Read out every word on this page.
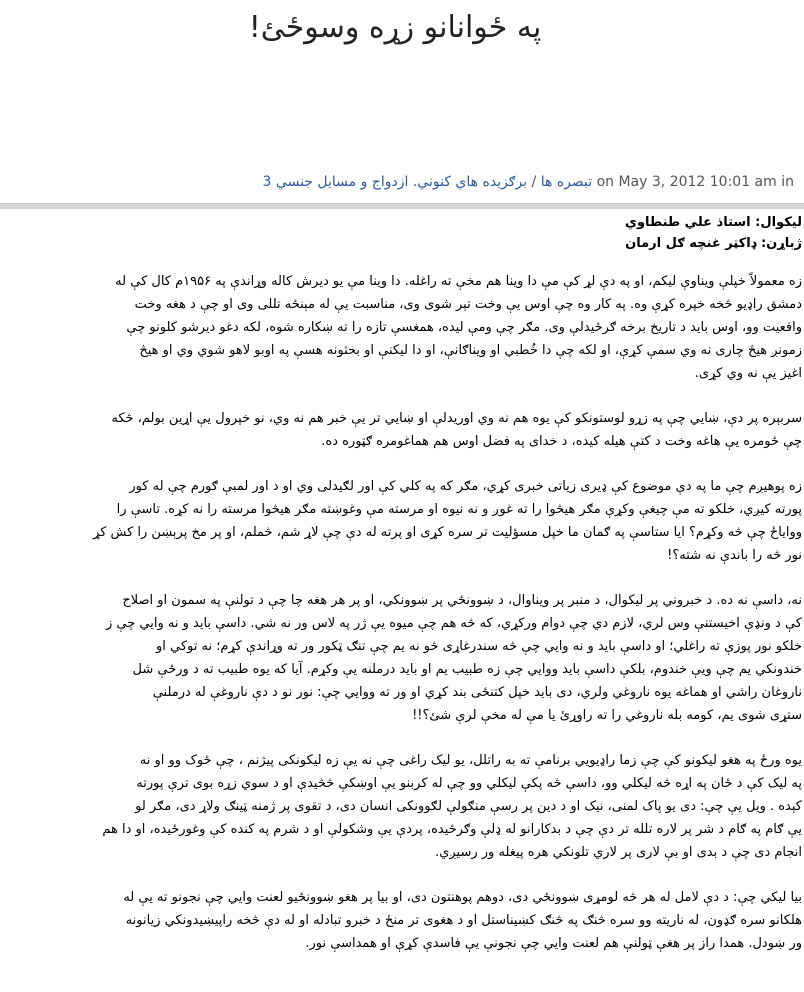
په ځوانانو زړه وسوځئ!
3 تبصره ها / برګزيده هاي کنوني. ازدواج و مسايل جنسي	on May 3, 2012 10:01 am in

ليکوال: استاذ علي طنطاوي

ژباړن: ډاکټر غنچه ګل ارمان

زه معمولاً خپلې ويناوې ليکم، او په دې لړ کې مې دا وينا هم مخې ته راغله. دا وينا مې يو ديرش کاله وړاندې په ۱۹۵۶م کال کې له
دمشق راډيو څخه خپره کړې وه. په کار وه چې اوس يې وخت تېر شوی وی، مناسبت يې له مېنځه تللی وی او چې د هغه وخت
واقعيت وو، اوس بايد د تاريخ برخه ګرځيدلې وی. مګر چې ومې ليده، همغسې تازه را ته ښکاره شوه، لکه دغو ديرشو کلونو چې
زمونږ هيڅ چاری نه وي سمې کړې، او لکه چې دا خُطبي او ويناګانې، او دا ليکنې او بحثونه هسې په اوبو لاهو شوي وي او هيڅ
اغيز يې نه وي کړی.
سربېره پر دې، ښايي چې په زړو لوستونکو کې يوه هم نه وي اوريدلې او ښايي تر يې خبر هم نه وي، نو خپرول يې اړين بولم، څکه
چې ځومره يې هاغه وخت د کتې هيله کيده، د خدای په فضل اوس هم هماغومره ګټوره ده.
زه پوهيږم چې ما په دې موضوع کې ډيری زياتی خبری کړي، مګر که په کلي کې اور لګيدلی وي او د اور لمبې ګورم چې له کور
پورته کيږي، خلکو ته مې چيغې وکړې مګر هيڅوا را ته غوږ و نه نيوه او مرسته مې وغوښته مګر هيڅوا مرسته را نه کړه. تاسې را
وواياځ چې څه وکړم؟ ايا ستاسې په ګمان ما خپل مسؤليت تر سره کړی او پرته له دې چې لاړ شم، څملم، او پر مخ پرېښن را کش کړ
نور څه را باندې نه شته؟!
نه، داسې نه ده. د خبروني پر ليکوال، د منبر پر ويناوال، د ښوونځي پر ښوونکي، او پر هر هغه چا چې د تولنې په سمون او اصلاح
کې د ونډې اخيستنې وس لري، لازم دي چې دوام ورکړي، که څه هم چې ميوه يې ژر په لاس ور نه شي. داسې بايد و نه وايي چې ز
خلکو نور پوزې ته راغلي؛ او داسې بايد و نه وايي چې څه سندرغاړی څو نه يم چې تنګ ټکور ور ته وړاندې کړم؛ نه توکي او
خندونکي يم چې ويې خندوم، بلکې داسې بايد ووايي چې زه طبيب يم او بايد درملنه يې وکړم. آيا که يوه طبيب ته د ورځې شل
ناروغان راشي او هماغه يوه ناروغي ولري، دی بايد خپل کتنځی بند کړي او ور ته ووايي چې: نور نو د دې ناروغې له درملنې
ستړی شوی يم، کومه بله ناروغي را ته راوړئ يا مې له مخې لرې شئ؟!!
يوه ورځ په هغو ليکونو کې چې زما راډيويي برنامې ته به راتلل، يو ليک راغی چې نه يې زه ليکونکی پيژنم ، چې ځوک وو او نه
په ليک کې د ځان په اړه څه ليکلي وو، داسې څه پکې ليکلي وو چې له کربنو يې اوښکې څڅيدې او د سوي زړه بوی ترې پورته
کېده . ويل يې چې: دی يو پاک لمنی، نيک او د دين پر رسې منګولې لګوونکی انسان دی، د تقوی پر ژمنه ټينګ ولاړ دی، مګر لو
يې ګام په ګام د شر پر لاره تلله تر دې چې د بدکارانو له ډلې وګرځيده، پردې يې وشکولې او د شرم په کنده کې وغورځيده، او دا هم
انجام دی چې د بدی او بې لاری پر لاري تلونکي هره پيغله ور رسيږي.
بيا ليکي چې: د دې لامل له هر څه لومړی ښوونځي دی، دوهم پوهنتون دی، او بيا پر هغو ښوونځيو لعنت وايي چې نجونو ته يې له
هلکانو سره ګډون، له ناريته وو سره څنګ په څنګ کښيناستل او د هغوی تر منځ د خبرو تبادله او له دې څخه راپيښيدونکي زيانونه
ور ښودل. همدا راز پر هغې ټولنې هم لعنت وايي چې نجونې يې فاسدې کړې او همداسې نور.
